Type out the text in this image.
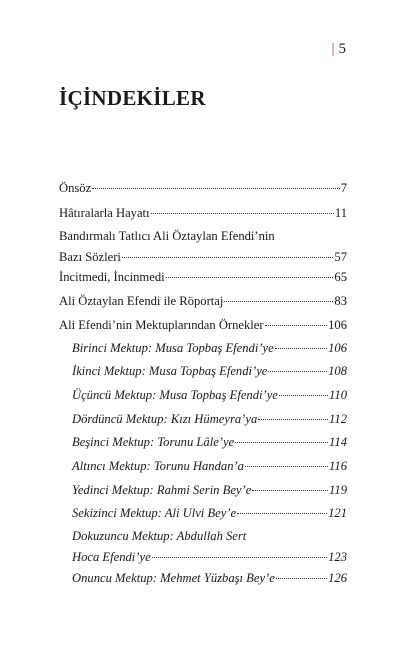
| 5
İÇİNDEKİLER
Önsöz	7
Hâtıralarla Hayatı	11
Bandırmalı Tatlıcı Ali Öztaylan Efendi’nin
Bazı Sözleri	57
İncitmedi, İncinmedi	65
Ali Öztaylan Efendi ile Röportaj	83
Ali Efendi’nin Mektuplarından Örnekler	106
Birinci Mektup: Musa Topbaş Efendi’ye	106
İkinci Mektup: Musa Topbaş Efendi’ye	108
Üçüncü Mektup: Musa Topbaş Efendi’ye	110
Dördüncü Mektup: Kızı Hümeyra’ya	112
Beşinci Mektup: Torunu Lâle’ye	114
Altıncı Mektup: Torunu Handan’a	116
Yedinci Mektup: Rahmi Serin Bey’e	119
Sekizinci Mektup: Ali Ulvi Bey’e	121
Dokuzuncu Mektup: Abdullah Sert
Hoca Efendi’ye	123
Onuncu Mektup: Mehmet Yüzbaşı Bey’e	126
